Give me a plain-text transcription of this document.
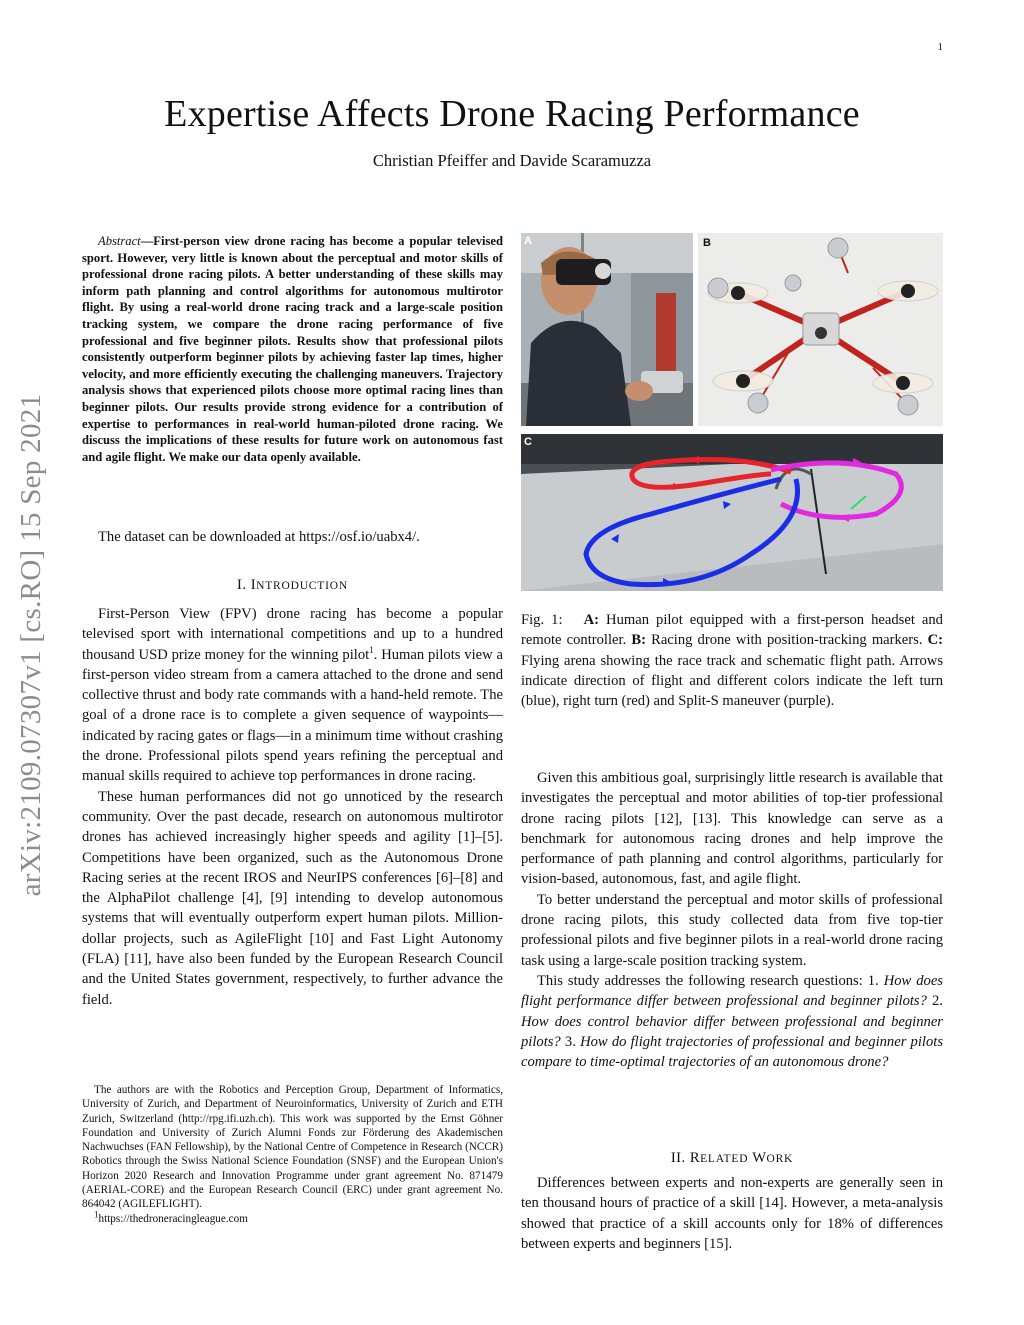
1
Expertise Affects Drone Racing Performance
Christian Pfeiffer and Davide Scaramuzza
arXiv:2109.07307v1 [cs.RO] 15 Sep 2021
Abstract—First-person view drone racing has become a popular televised sport. However, very little is known about the perceptual and motor skills of professional drone racing pilots. A better understanding of these skills may inform path planning and control algorithms for autonomous multirotor flight. By using a real-world drone racing track and a large-scale position tracking system, we compare the drone racing performance of five professional and five beginner pilots. Results show that professional pilots consistently outperform beginner pilots by achieving faster lap times, higher velocity, and more efficiently executing the challenging maneuvers. Trajectory analysis shows that experienced pilots choose more optimal racing lines than beginner pilots. Our results provide strong evidence for a contribution of expertise to performances in real-world human-piloted drone racing. We discuss the implications of these results for future work on autonomous fast and agile flight. We make our data openly available.
The dataset can be downloaded at https://osf.io/uabx4/.
I. INTRODUCTION

First-Person View (FPV) drone racing has become a popular televised sport with international competitions and up to a hundred thousand USD prize money for the winning pilot$^1$. Human pilots view a first-person video stream from a camera attached to the drone and send collective thrust and body rate commands with a hand-held remote. The goal of a drone race is to complete a given sequence of waypoints—indicated by racing gates or flags—in a minimum time without crashing the drone. Professional pilots spend years refining the perceptual and manual skills required to achieve top performances in drone racing.

These human performances did not go unnoticed by the research community. Over the past decade, research on autonomous multirotor drones has achieved increasingly higher speeds and agility [1]–[5]. Competitions have been organized, such as the Autonomous Drone Racing series at the recent IROS and NeurIPS conferences [6]–[8] and the AlphaPilot challenge [4], [9] intending to develop autonomous systems that will eventually outperform expert human pilots. Million-dollar projects, such as AgileFlight [10] and Fast Light Autonomy (FLA) [11], have also been funded by the European Research Council and the United States government, respectively, to further advance the field.

The authors are with the Robotics and Perception Group, Department of Informatics, University of Zurich, and Department of Neuroinformatics, University of Zurich and ETH Zurich, Switzerland (http://rpg.ifi.uzh.ch). This work was supported by the Ernst Göhner Foundation and University of Zurich Alumni Fonds zur Förderung des Akademischen Nachwuchses (FAN Fellowship), by the National Centre of Competence in Research (NCCR) Robotics through the Swiss National Science Foundation (SNSF) and the European Union's Horizon 2020 Research and Innovation Programme under grant agreement No. 871479 (AERIAL-CORE) and the European Research Council (ERC) under grant agreement No. 864042 (AGILEFLIGHT).

$^1$https://thedroneracingleague.com

A	B
C
Fig. 1: A: Human pilot equipped with a first-person headset and remote controller. B: Racing drone with position-tracking markers. C: Flying arena showing the race track and schematic flight path. Arrows indicate direction of flight and different colors indicate the left turn (blue), right turn (red) and Split-S maneuver (purple).

Given this ambitious goal, surprisingly little research is available that investigates the perceptual and motor abilities of top-tier professional drone racing pilots [12], [13]. This knowledge can serve as a benchmark for autonomous racing drones and help improve the performance of path planning and control algorithms, particularly for vision-based, autonomous, fast, and agile flight.

To better understand the perceptual and motor skills of professional drone racing pilots, this study collected data from five top-tier professional pilots and five beginner pilots in a real-world drone racing task using a large-scale position tracking system.

This study addresses the following research questions: 1. How does flight performance differ between professional and beginner pilots? 2. How does control behavior differ between professional and beginner pilots? 3. How do flight trajectories of professional and beginner pilots compare to time-optimal trajectories of an autonomous drone?

II. RELATED WORK

Differences between experts and non-experts are generally seen in ten thousand hours of practice of a skill [14]. However, a meta-analysis showed that practice of a skill accounts only for 18% of differences between experts and beginners [15].
